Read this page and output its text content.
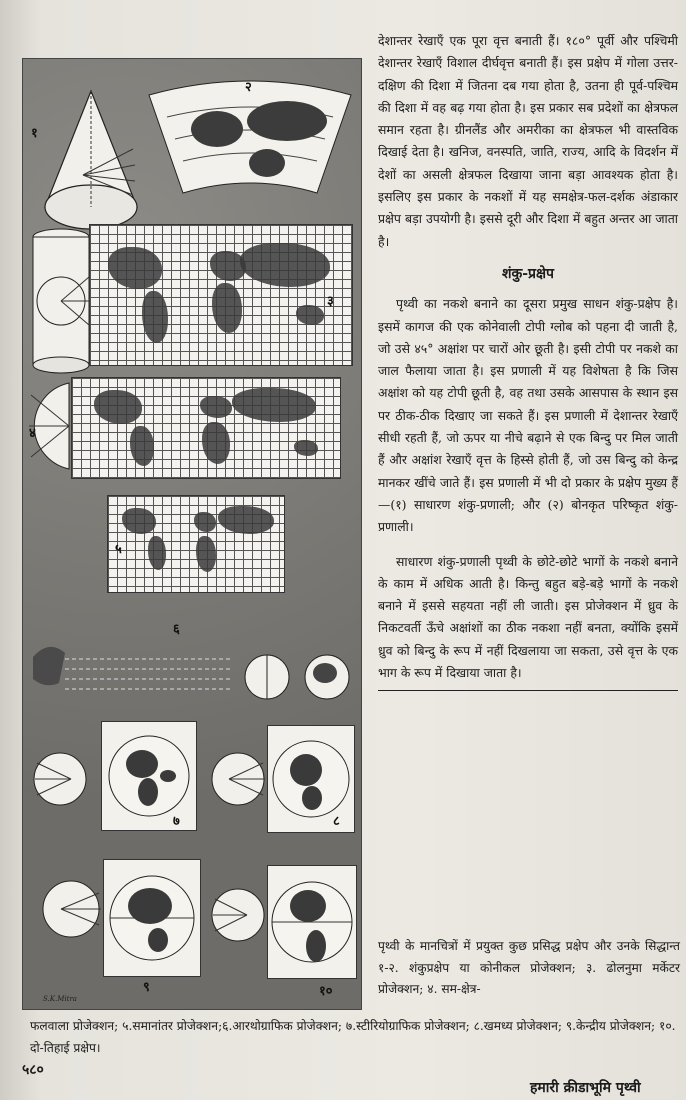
१
२
३
४
५
६
७	८
९	१०
S.K.Mitra

देशान्तर रेखाएँ एक पूरा वृत्त बनाती हैं। १८०° पूर्वी और पश्चिमी देशान्तर रेखाएँ विशाल दीर्घवृत्त बनाती हैं। इस प्रक्षेप में गोला उत्तर-दक्षिण की दिशा में जितना दब गया होता है, उतना ही पूर्व-पश्चिम की दिशा में वह बढ़ गया होता है। इस प्रकार सब प्रदेशों का क्षेत्रफल समान रहता है। ग्रीनलैंड और अमरीका का क्षेत्रफल भी वास्तविक दिखाई देता है। खनिज, वनस्पति, जाति, राज्य, आदि के विदर्शन में देशों का असली क्षेत्रफल दिखाया जाना बड़ा आवश्यक होता है। इसलिए इस प्रकार के नकशों में यह समक्षेत्र-फल-दर्शक अंडाकार प्रक्षेप बड़ा उपयोगी है। इससे दूरी और दिशा में बहुत अन्तर आ जाता है।

शंकु-प्रक्षेप

पृथ्वी का नकशे बनाने का दूसरा प्रमुख साधन शंकु-प्रक्षेप है। इसमें कागज की एक कोनेवाली टोपी ग्लोब को पहना दी जाती है, जो उसे ४५° अक्षांश पर चारों ओर छूती है। इसी टोपी पर नकशे का जाल फैलाया जाता है। इस प्रणाली में यह विशेषता है कि जिस अक्षांश को यह टोपी छूती है, वह तथा उसके आसपास के स्थान इस पर ठीक-ठीक दिखाए जा सकते हैं। इस प्रणाली में देशान्तर रेखाएँ सीधी रहती हैं, जो ऊपर या नीचे बढ़ाने से एक बिन्दु पर मिल जाती हैं और अक्षांश रेखाएँ वृत्त के हिस्से होती हैं, जो उस बिन्दु को केन्द्र मानकर खींचे जाते हैं। इस प्रणाली में भी दो प्रकार के प्रक्षेप मुख्य हैं—(१) साधारण शंकु-प्रणाली; और (२) बोनकृत परिष्कृत शंकु-प्रणाली।

साधारण शंकु-प्रणाली पृथ्वी के छोटे-छोटे भागों के नकशे बनाने के काम में अधिक आती है। किन्तु बहुत बड़े-बड़े भागों के नकशे बनाने में इससे सहयता नहीं ली जाती। इस प्रोजेक्शन में ध्रुव के निकटवर्ती ऊँचे अक्षांशों का ठीक नकशा नहीं बनता, क्योंकि इसमें ध्रुव को बिन्दु के रूप में नहीं दिखलाया जा सकता, उसे वृत्त के एक भाग के रूप में दिखाया जाता है।

पृथ्वी के मानचित्रों में प्रयुक्त कुछ प्रसिद्ध प्रक्षेप और उनके सिद्धान्त १-२. शंकुप्रक्षेप या कोनीकल प्रोजेक्शन; ३. ढोलनुमा मर्केटर प्रोजेक्शन; ४. सम-क्षेत्र-
फलवाला प्रोजेक्शन; ५.समानांतर प्रोजेक्शन;६.आरथोग्राफिक प्रोजेक्शन; ७.स्टीरियोग्राफिक प्रोजेक्शन; ८.खमध्य प्रोजेक्शन; ९.केन्द्रीय प्रोजेक्शन; १०. दो-तिहाई प्रक्षेप।
५८०
हमारी क्रीडाभूमि पृथ्वी
